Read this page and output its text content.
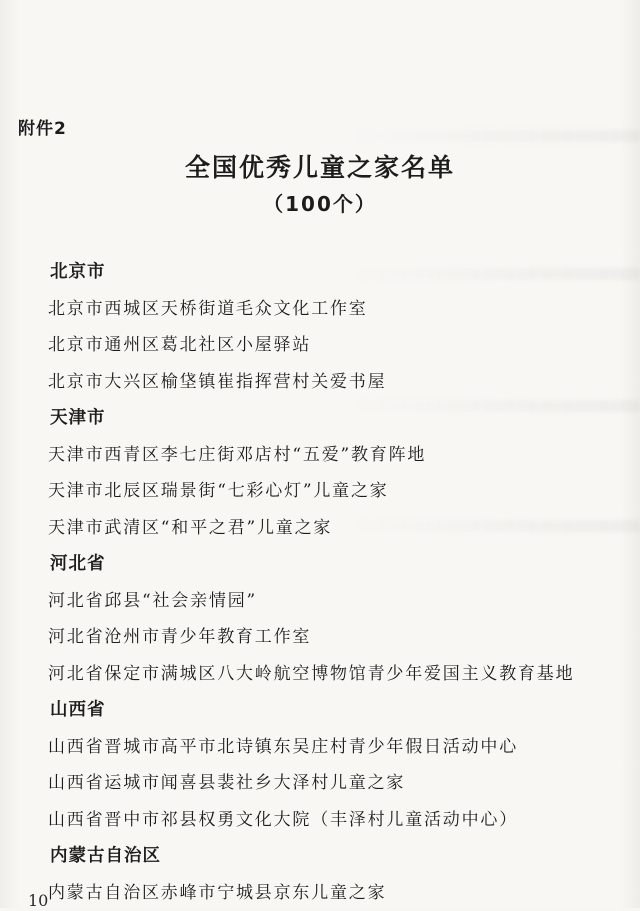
附件2
全国优秀儿童之家名单
（100个）
北京市
北京市西城区天桥街道毛众文化工作室
北京市通州区葛北社区小屋驿站
北京市大兴区榆垡镇崔指挥营村关爱书屋
天津市
天津市西青区李七庄街邓店村“五爱”教育阵地
天津市北辰区瑞景街“七彩心灯”儿童之家
天津市武清区“和平之君”儿童之家
河北省
河北省邱县“社会亲情园”
河北省沧州市青少年教育工作室
河北省保定市满城区八大岭航空博物馆青少年爱国主义教育基地
山西省
山西省晋城市高平市北诗镇东吴庄村青少年假日活动中心
山西省运城市闻喜县裴社乡大泽村儿童之家
山西省晋中市祁县权勇文化大院（丰泽村儿童活动中心）
内蒙古自治区
内蒙古自治区赤峰市宁城县京东儿童之家
10
